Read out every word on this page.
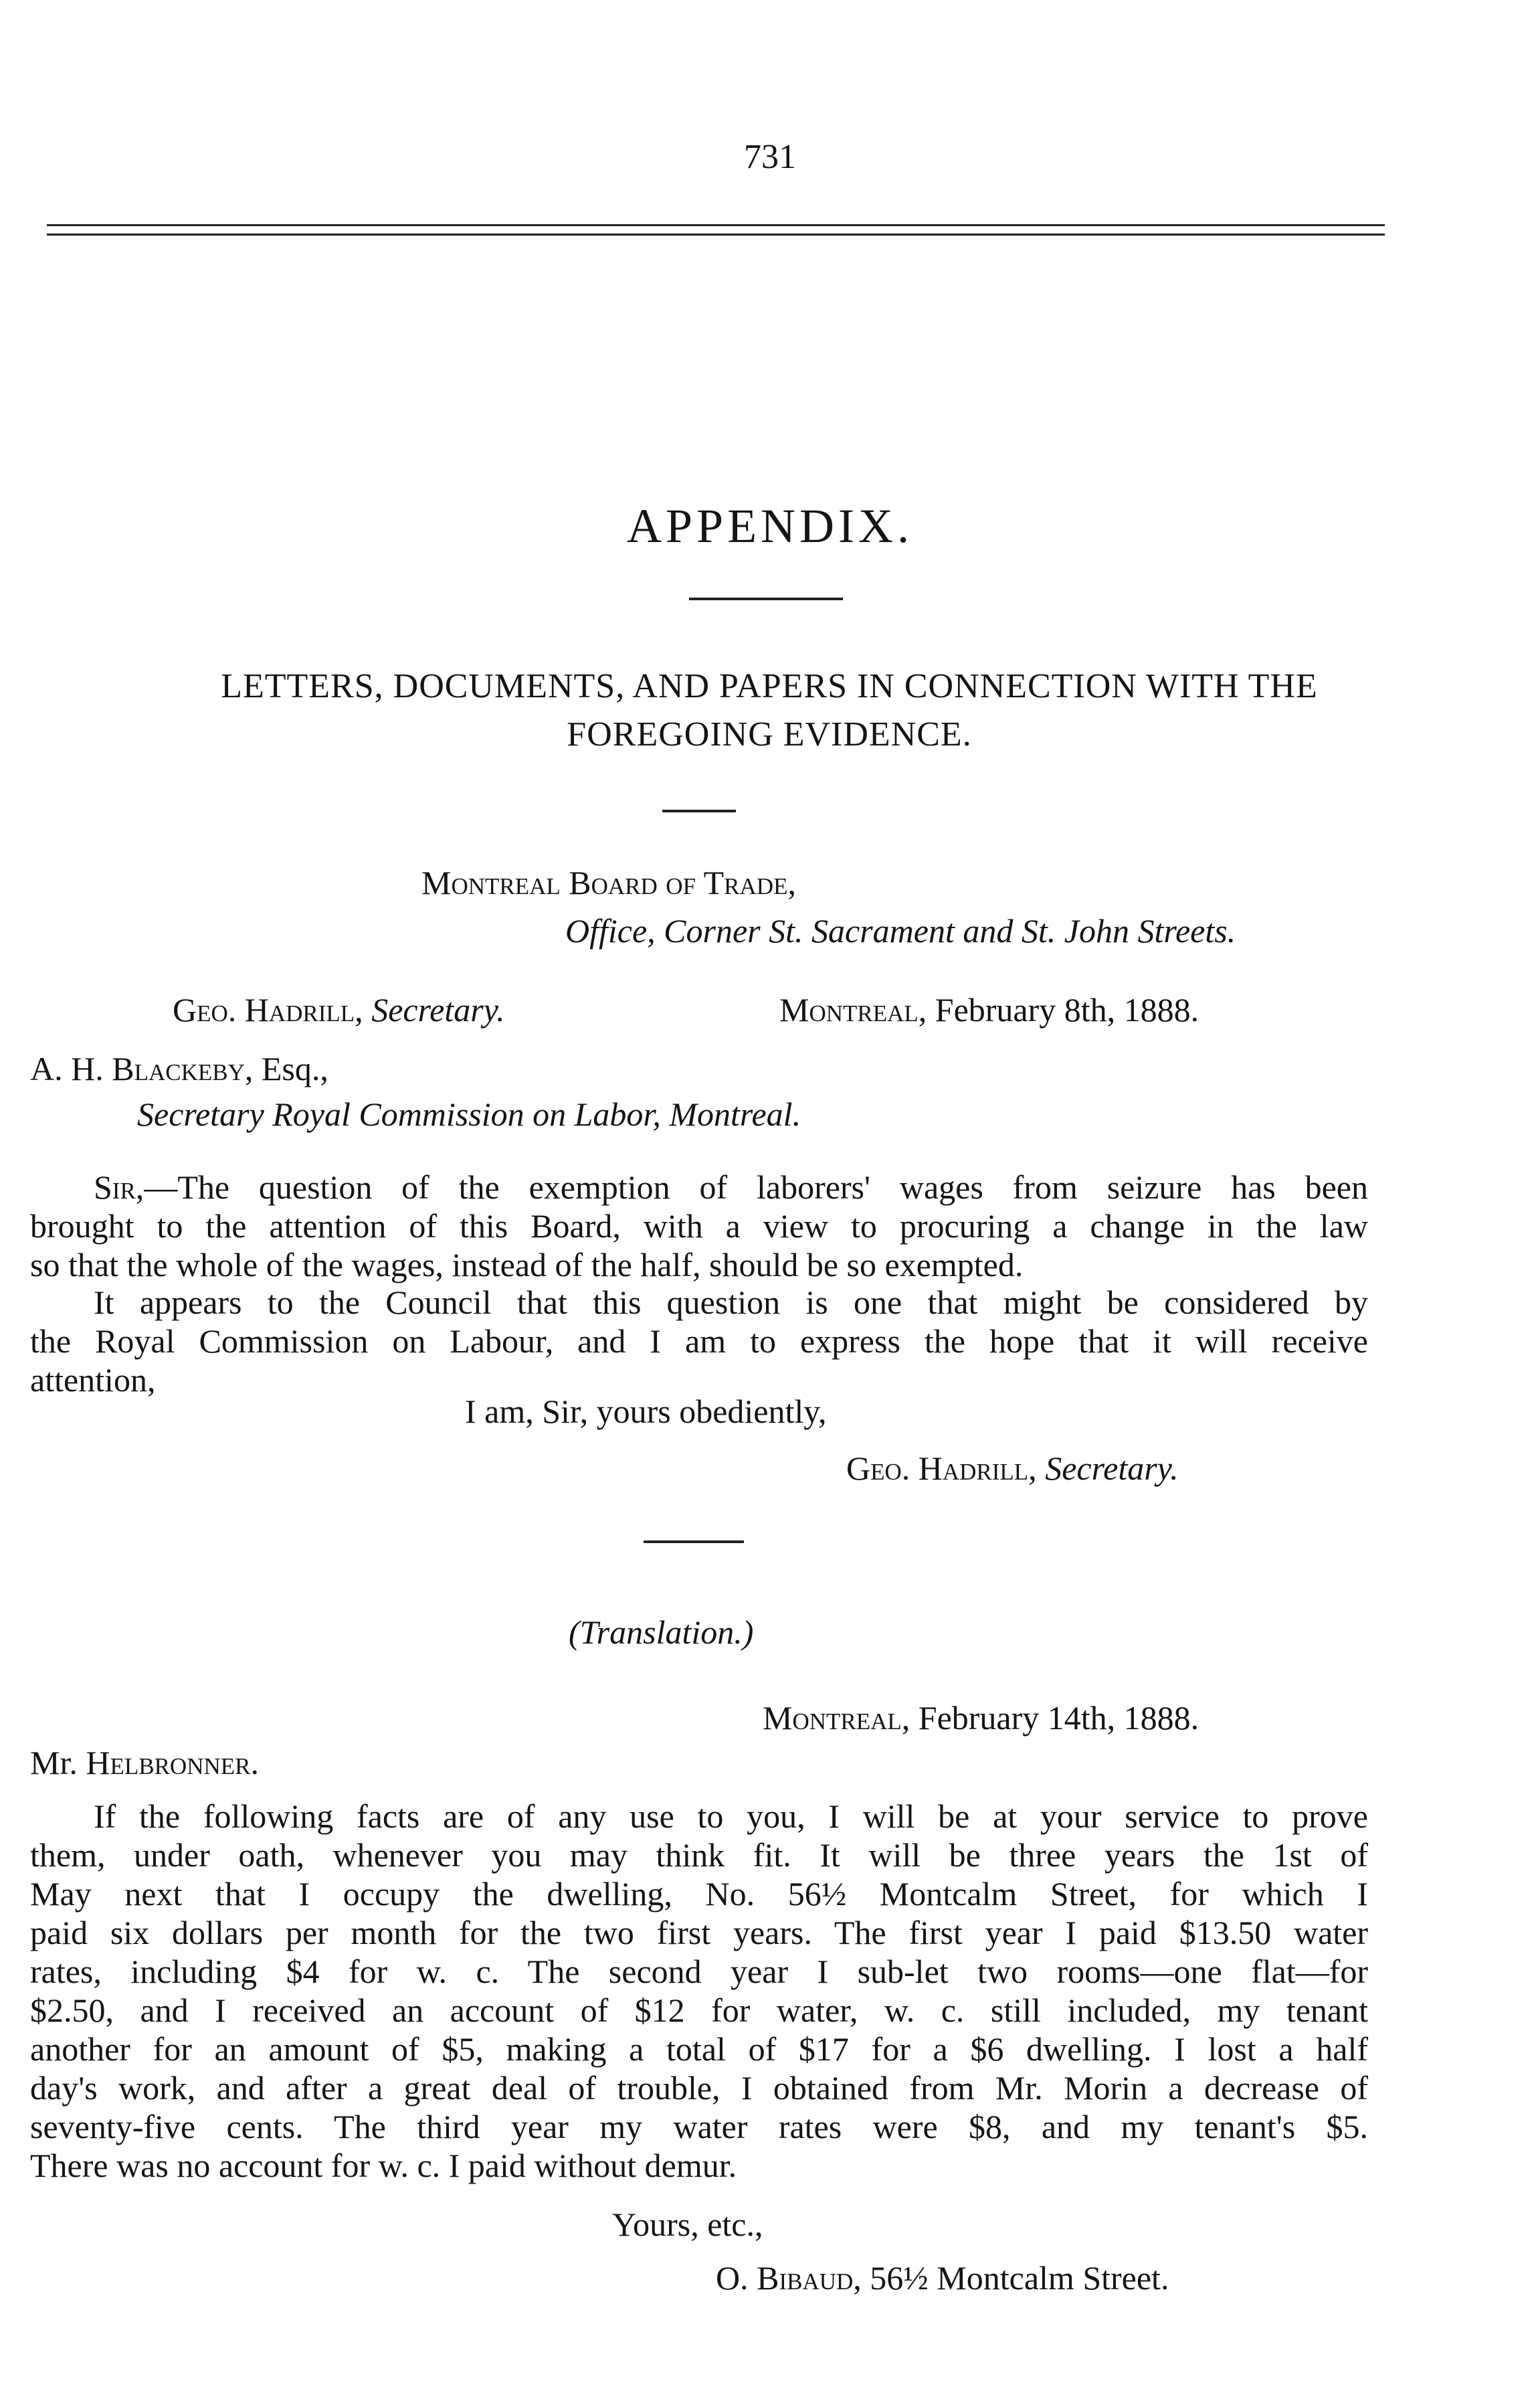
731
APPENDIX.
LETTERS, DOCUMENTS, AND PAPERS IN CONNECTION WITH THE
FOREGOING EVIDENCE.
Montreal Board of Trade,
Office, Corner St. Sacrament and St. John Streets.
Geo. Hadrill, Secretary.	Montreal, February 8th, 1888.
A. H. Blackeby, Esq.,
Secretary Royal Commission on Labor, Montreal.
Sir,—The question of the exemption of laborers' wages from seizure has been
brought to the attention of this Board, with a view to procuring a change in the law
so that the whole of the wages, instead of the half, should be so exempted.
It appears to the Council that this question is one that might be considered by
the Royal Commission on Labour, and I am to express the hope that it will receive
attention,
I am, Sir, yours obediently,
Geo. Hadrill, Secretary.
(Translation.)
Montreal, February 14th, 1888.
Mr. Helbronner.
If the following facts are of any use to you, I will be at your service to prove
them, under oath, whenever you may think fit. It will be three years the 1st of
May next that I occupy the dwelling, No. 56½ Montcalm Street, for which I
paid six dollars per month for the two first years. The first year I paid $13.50 water
rates, including $4 for w. c. The second year I sub-let two rooms—one flat—for
$2.50, and I received an account of $12 for water, w. c. still included, my tenant
another for an amount of $5, making a total of $17 for a $6 dwelling. I lost a half
day's work, and after a great deal of trouble, I obtained from Mr. Morin a decrease of
seventy-five cents. The third year my water rates were $8, and my tenant's $5.
There was no account for w. c. I paid without demur.
Yours, etc.,
O. Bibaud, 56½ Montcalm Street.
